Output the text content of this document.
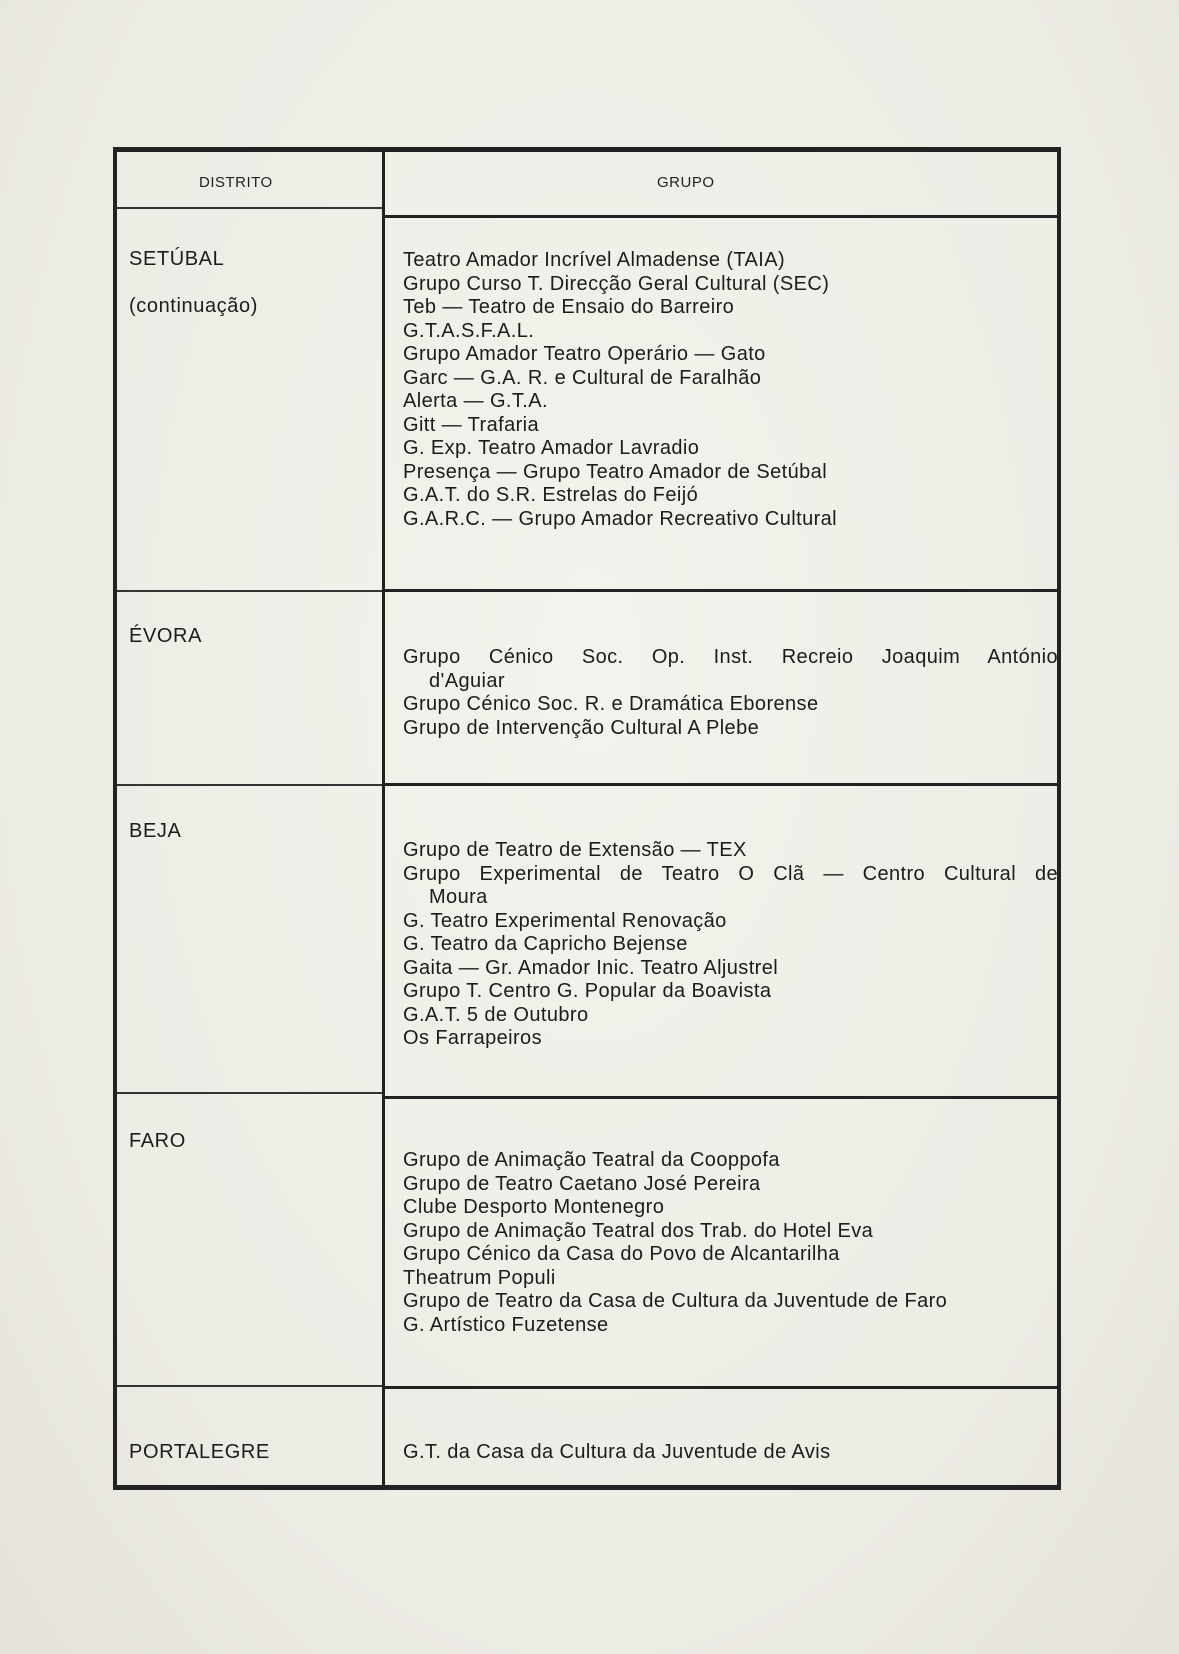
DISTRITO	GRUPO
SETÚBAL
(continuação)
Teatro Amador Incrível Almadense (TAIA)
Grupo Curso T. Direcção Geral Cultural (SEC)
Teb — Teatro de Ensaio do Barreiro
G.T.A.S.F.A.L.
Grupo Amador Teatro Operário — Gato
Garc — G.A. R. e Cultural de Faralhão
Alerta — G.T.A.
Gitt — Trafaria
G. Exp. Teatro Amador Lavradio
Presença — Grupo Teatro Amador de Setúbal
G.A.T. do S.R. Estrelas do Feijó
G.A.R.C. — Grupo Amador Recreativo Cultural
ÉVORA
Grupo Cénico Soc. Op. Inst. Recreio Joaquim António
d'Aguiar
Grupo Cénico Soc. R. e Dramática Eborense
Grupo de Intervenção Cultural A Plebe
BEJA
Grupo de Teatro de Extensão — TEX
Grupo Experimental de Teatro O Clã — Centro Cultural de
Moura
G. Teatro Experimental Renovação
G. Teatro da Capricho Bejense
Gaita — Gr. Amador Inic. Teatro Aljustrel
Grupo T. Centro G. Popular da Boavista
G.A.T. 5 de Outubro
Os Farrapeiros
FARO
Grupo de Animação Teatral da Cooppofa
Grupo de Teatro Caetano José Pereira
Clube Desporto Montenegro
Grupo de Animação Teatral dos Trab. do Hotel Eva
Grupo Cénico da Casa do Povo de Alcantarilha
Theatrum Populi
Grupo de Teatro da Casa de Cultura da Juventude de Faro
G. Artístico Fuzetense
PORTALEGRE	G.T. da Casa da Cultura da Juventude de Avis
